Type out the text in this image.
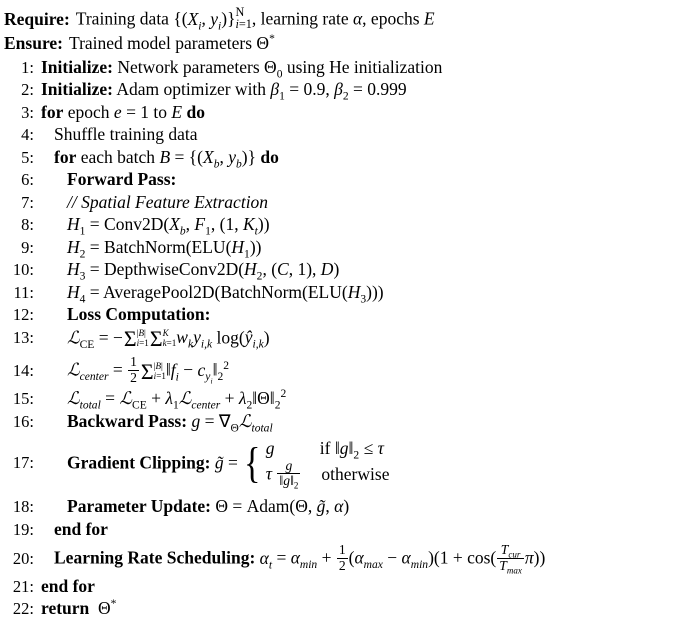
Require: Training data {($X_i$, $y_i$)} N
i=1 , learning rate α, epochs E
Ensure: Trained model parameters Θ*
1: Initialize: Network parameters $\Theta_0$ using He initialization
2: Initialize: Adam optimizer with $\beta_1 = 0.9$, $\beta_2 = 0.999$
3: for epoch e = 1 to E do
4:	Shuffle training data
5:	for each batch $B = \{(X_b$, $y_b$)} do
6:	Forward Pass:
7:	// Spatial Feature Extraction
8:	$H_1$ = $Conv2D(X_b$, $F_1$, (1, $K_t$))
9:	$H_2$ = $BatchNorm(ELU(H_1))$
10:	$H_3$ = $DepthwiseConv2D(H_2$, (C, 1), D)
11:	$H_4$ = $AveragePool2D(BatchNorm(ELU(H_3)))$
12:	Loss Computation:
13:	ℒ$_{CE}$ = −Σ |B|
i=1 Σ K
k=1 $w_ky_{i,k}$ $\log(ŷ_{i,k})$
14:	ℒ$_{center}$ = $\frac{1}{2}$ Σ |B|
i=1 $‖f_i$ − $c_{y_i}‖_2^2$
15:	ℒ$_{total}$ = ℒ$_{CE}$ + $\lambda_1ℒ_{center}$ + $\lambda_2‖\Theta‖_2^2$
16:	Backward Pass: $g = \nabla_\Theta ℒ_{total}$
17:	Gradient Clipping: g̃ = { g	if $‖g‖_2 \le \tau$
τ $\frac{g}{‖g‖_2}$	otherwise
18:	Parameter Update: Θ = Adam(Θ, g̃, α)
19:	end for
20:	Learning Rate Scheduling: $\alpha_t = \alpha_{min} + \frac{1}{2} (\alpha_{max} - \alpha_{min})(1 + \cos( \frac{T_{cur}}{T_{max}} \pi))$
21: end for
22: return  Θ*
